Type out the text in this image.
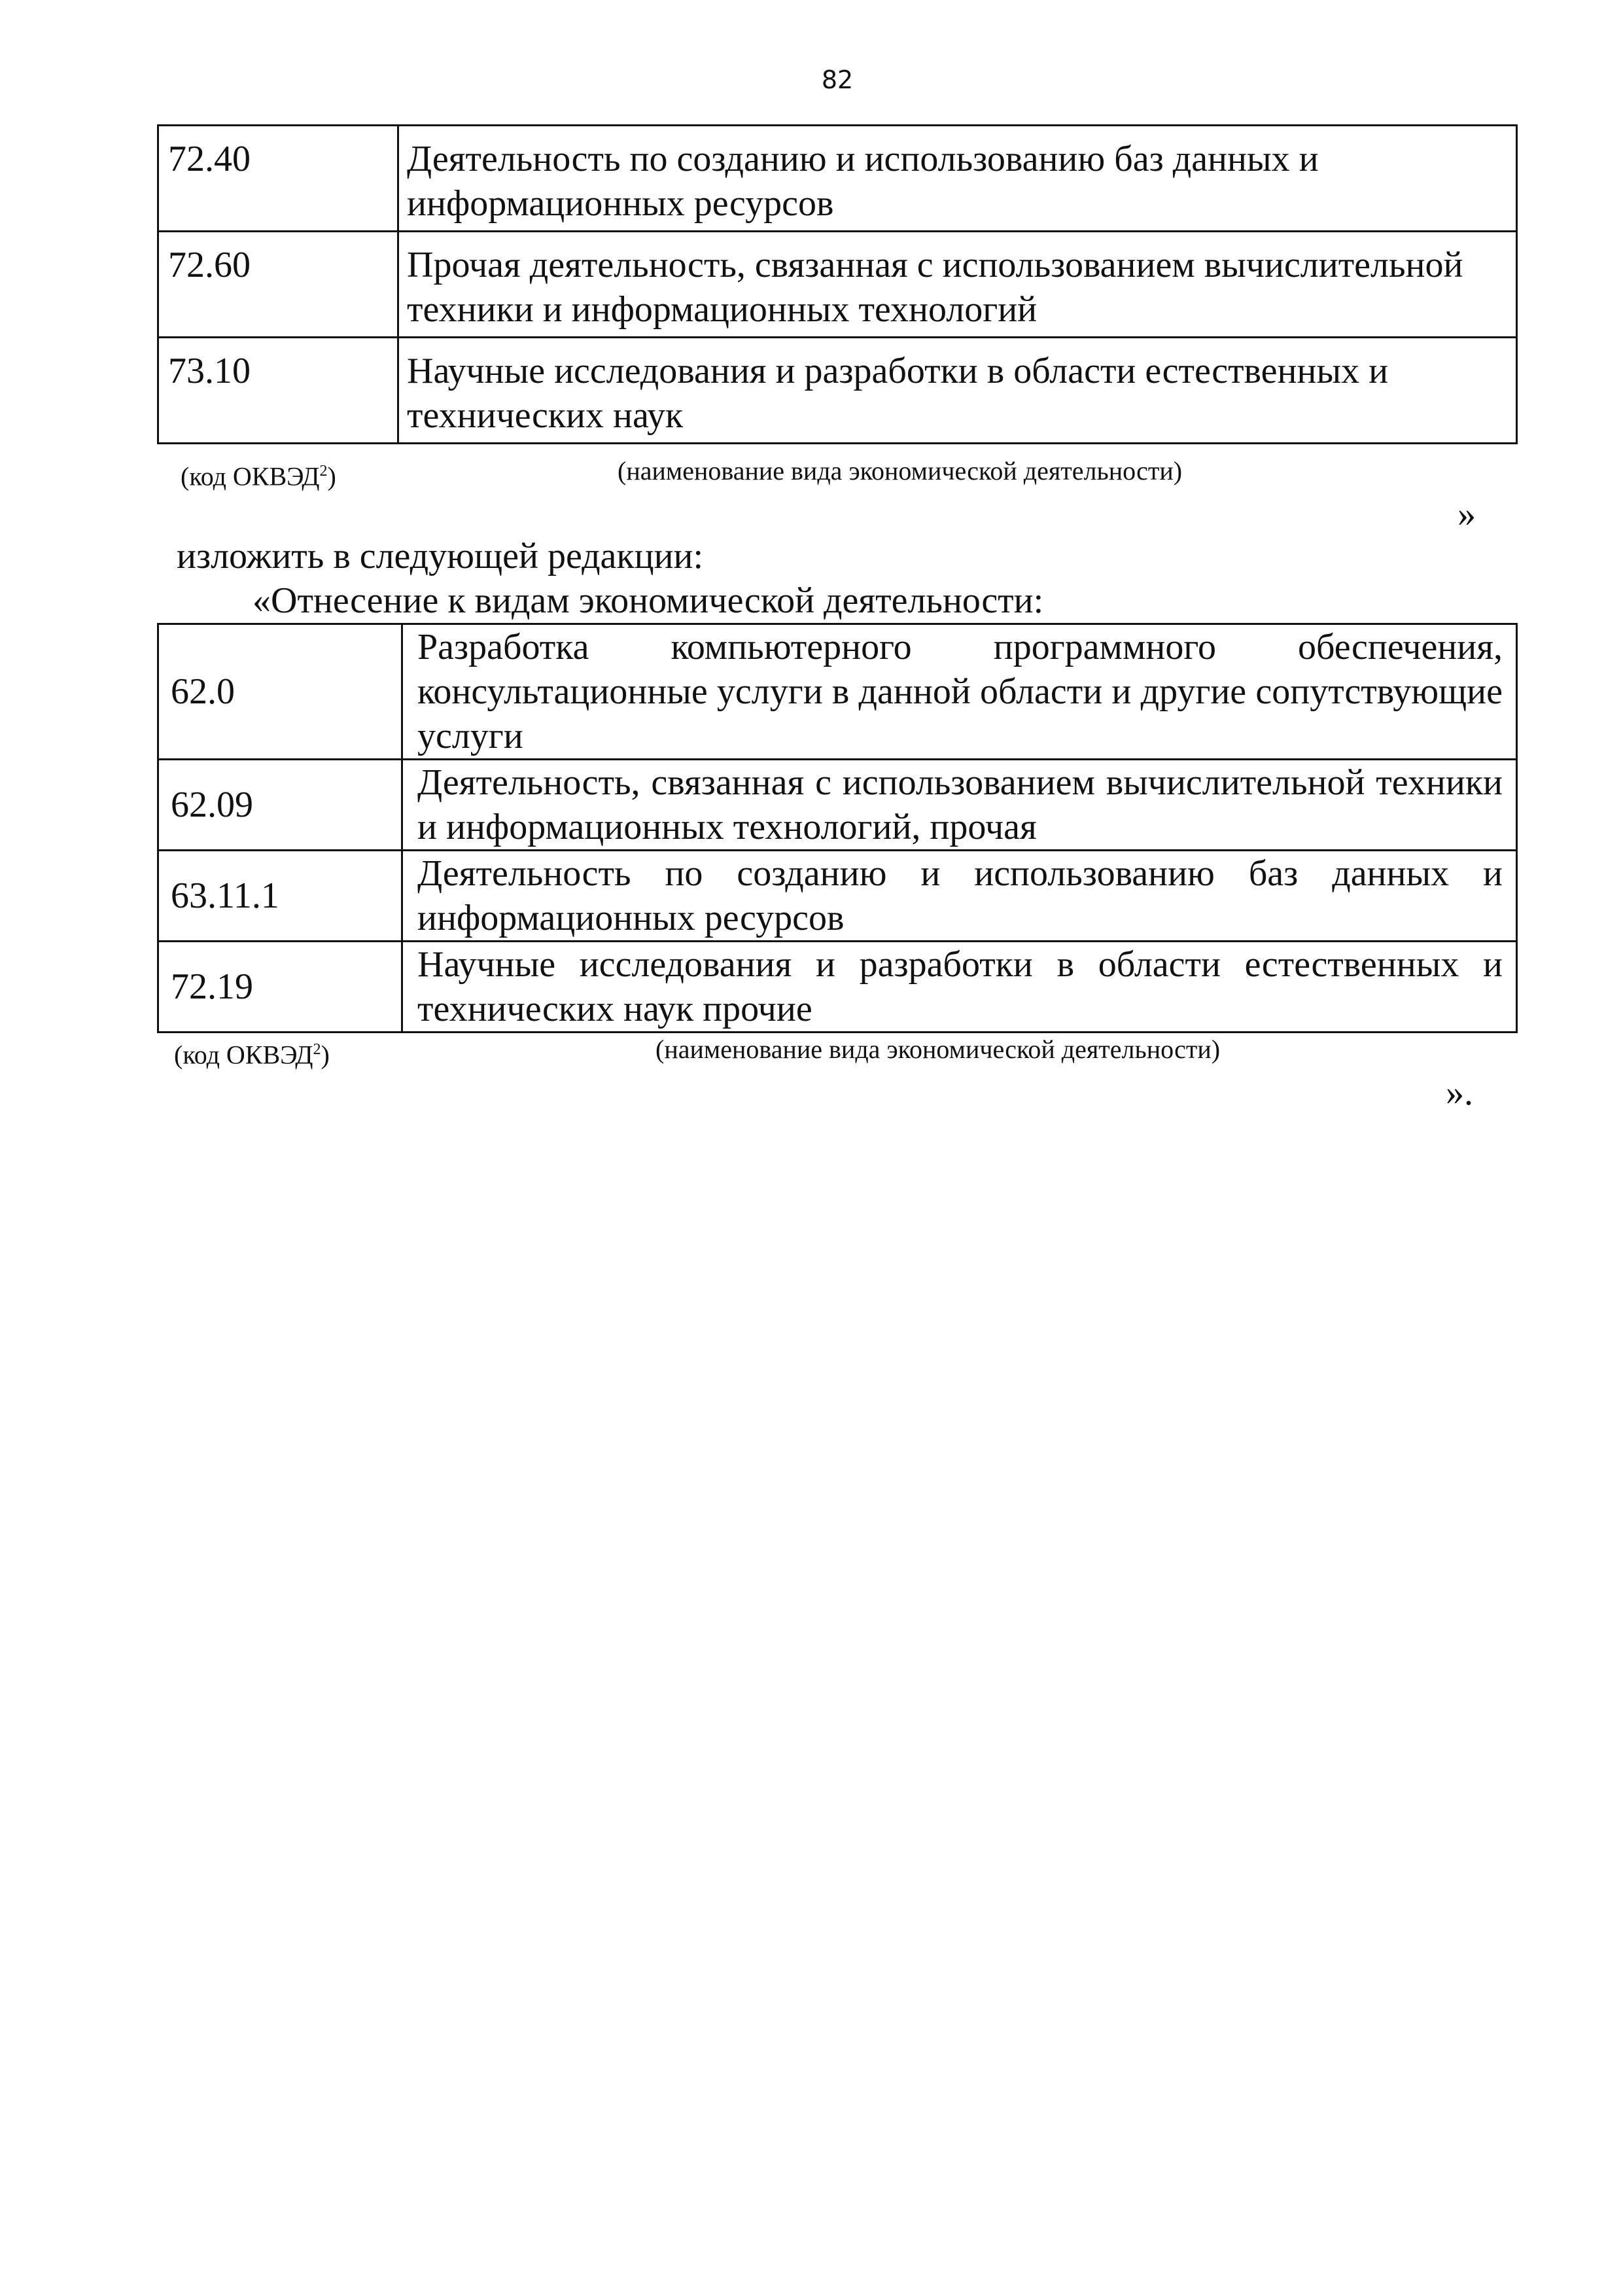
82
72.40	Деятельность по созданию и использованию баз данных и информационных ресурсов
72.60	Прочая деятельность, связанная с использованием вычислительной техники и информационных технологий
73.10	Научные исследования и разработки в области естественных и технических наук
(код ОКВЭД$^2$)	(наименование вида экономической деятельности)
»
изложить в следующей редакции:
«Отнесение к видам экономической деятельности:
62.0	Разработка компьютерного программного обеспечения, консультационные услуги в данной области и другие сопутствующие услуги
62.09	Деятельность, связанная с использованием вычислительной техники и информационных технологий, прочая
63.11.1	Деятельность по созданию и использованию баз данных и информационных ресурсов
72.19	Научные исследования и разработки в области естественных и технических наук прочие
(код ОКВЭД$^2$)	(наименование вида экономической деятельности)
».
